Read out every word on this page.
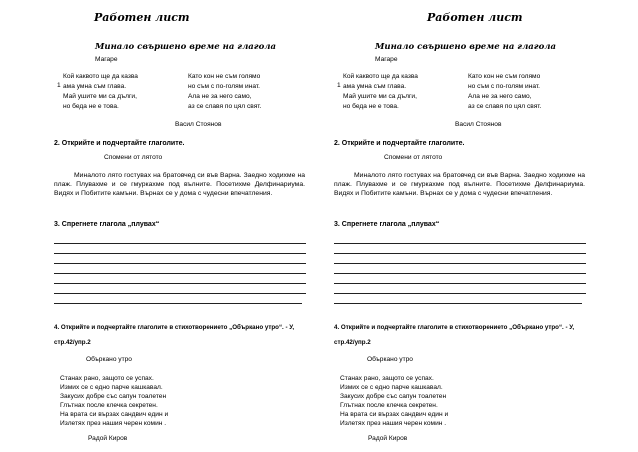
Работен лист
Минало свършено време на глагола
Магаре
1
Кой каквото ще да казва
ама умна съм глава.
Май ушите ми са дълги,
но беда не е това.
Като кон не съм голямо
но съм с по-голям инат.
Ала не за него само,
аз се славя по цял свят.
Васил Стоянов
2. Открийте и подчертайте глаголите.
Спомени от лятото
Миналото лято гостувах на братовчед си във Варна. Заедно ходихме на плаж. Плувахме и се гмуркахме под вълните. Посетихме Делфинариума. Видях и Побитите камъни. Върнах се у дома с чудесни впечатления.
3. Спрегнете глагола „плувах“
4. Открийте и подчертайте глаголите в стихотворението „Объркано утро“. - У, стр.42/упр.2
Объркано утро
Станах рано, защото се успах.
Измих се с едно парче кашкавал.
Закусих добре със сапун тоалетен
Глътнах после клечка секретен.
На врата си вързах сандвич един и
Излетях през нашия черен комин .
Радой Киров
Работен лист
Минало свършено време на глагола
Магаре
1
Кой каквото ще да казва
ама умна съм глава.
Май ушите ми са дълги,
но беда не е това.
Като кон не съм голямо
но съм с по-голям инат.
Ала не за него само,
аз се славя по цял свят.
Васил Стоянов
2. Открийте и подчертайте глаголите.
Спомени от лятото
Миналото лято гостувах на братовчед си във Варна. Заедно ходихме на плаж. Плувахме и се гмуркахме под вълните. Посетихме Делфинариума. Видях и Побитите камъни. Върнах се у дома с чудесни впечатления.
3. Спрегнете глагола „плувах“
4. Открийте и подчертайте глаголите в стихотворението „Объркано утро“. - У, стр.42/упр.2
Объркано утро
Станах рано, защото се успах.
Измих се с едно парче кашкавал.
Закусих добре със сапун тоалетен
Глътнах после клечка секретен.
На врата си вързах сандвич един и
Излетях през нашия черен комин .
Радой Киров
